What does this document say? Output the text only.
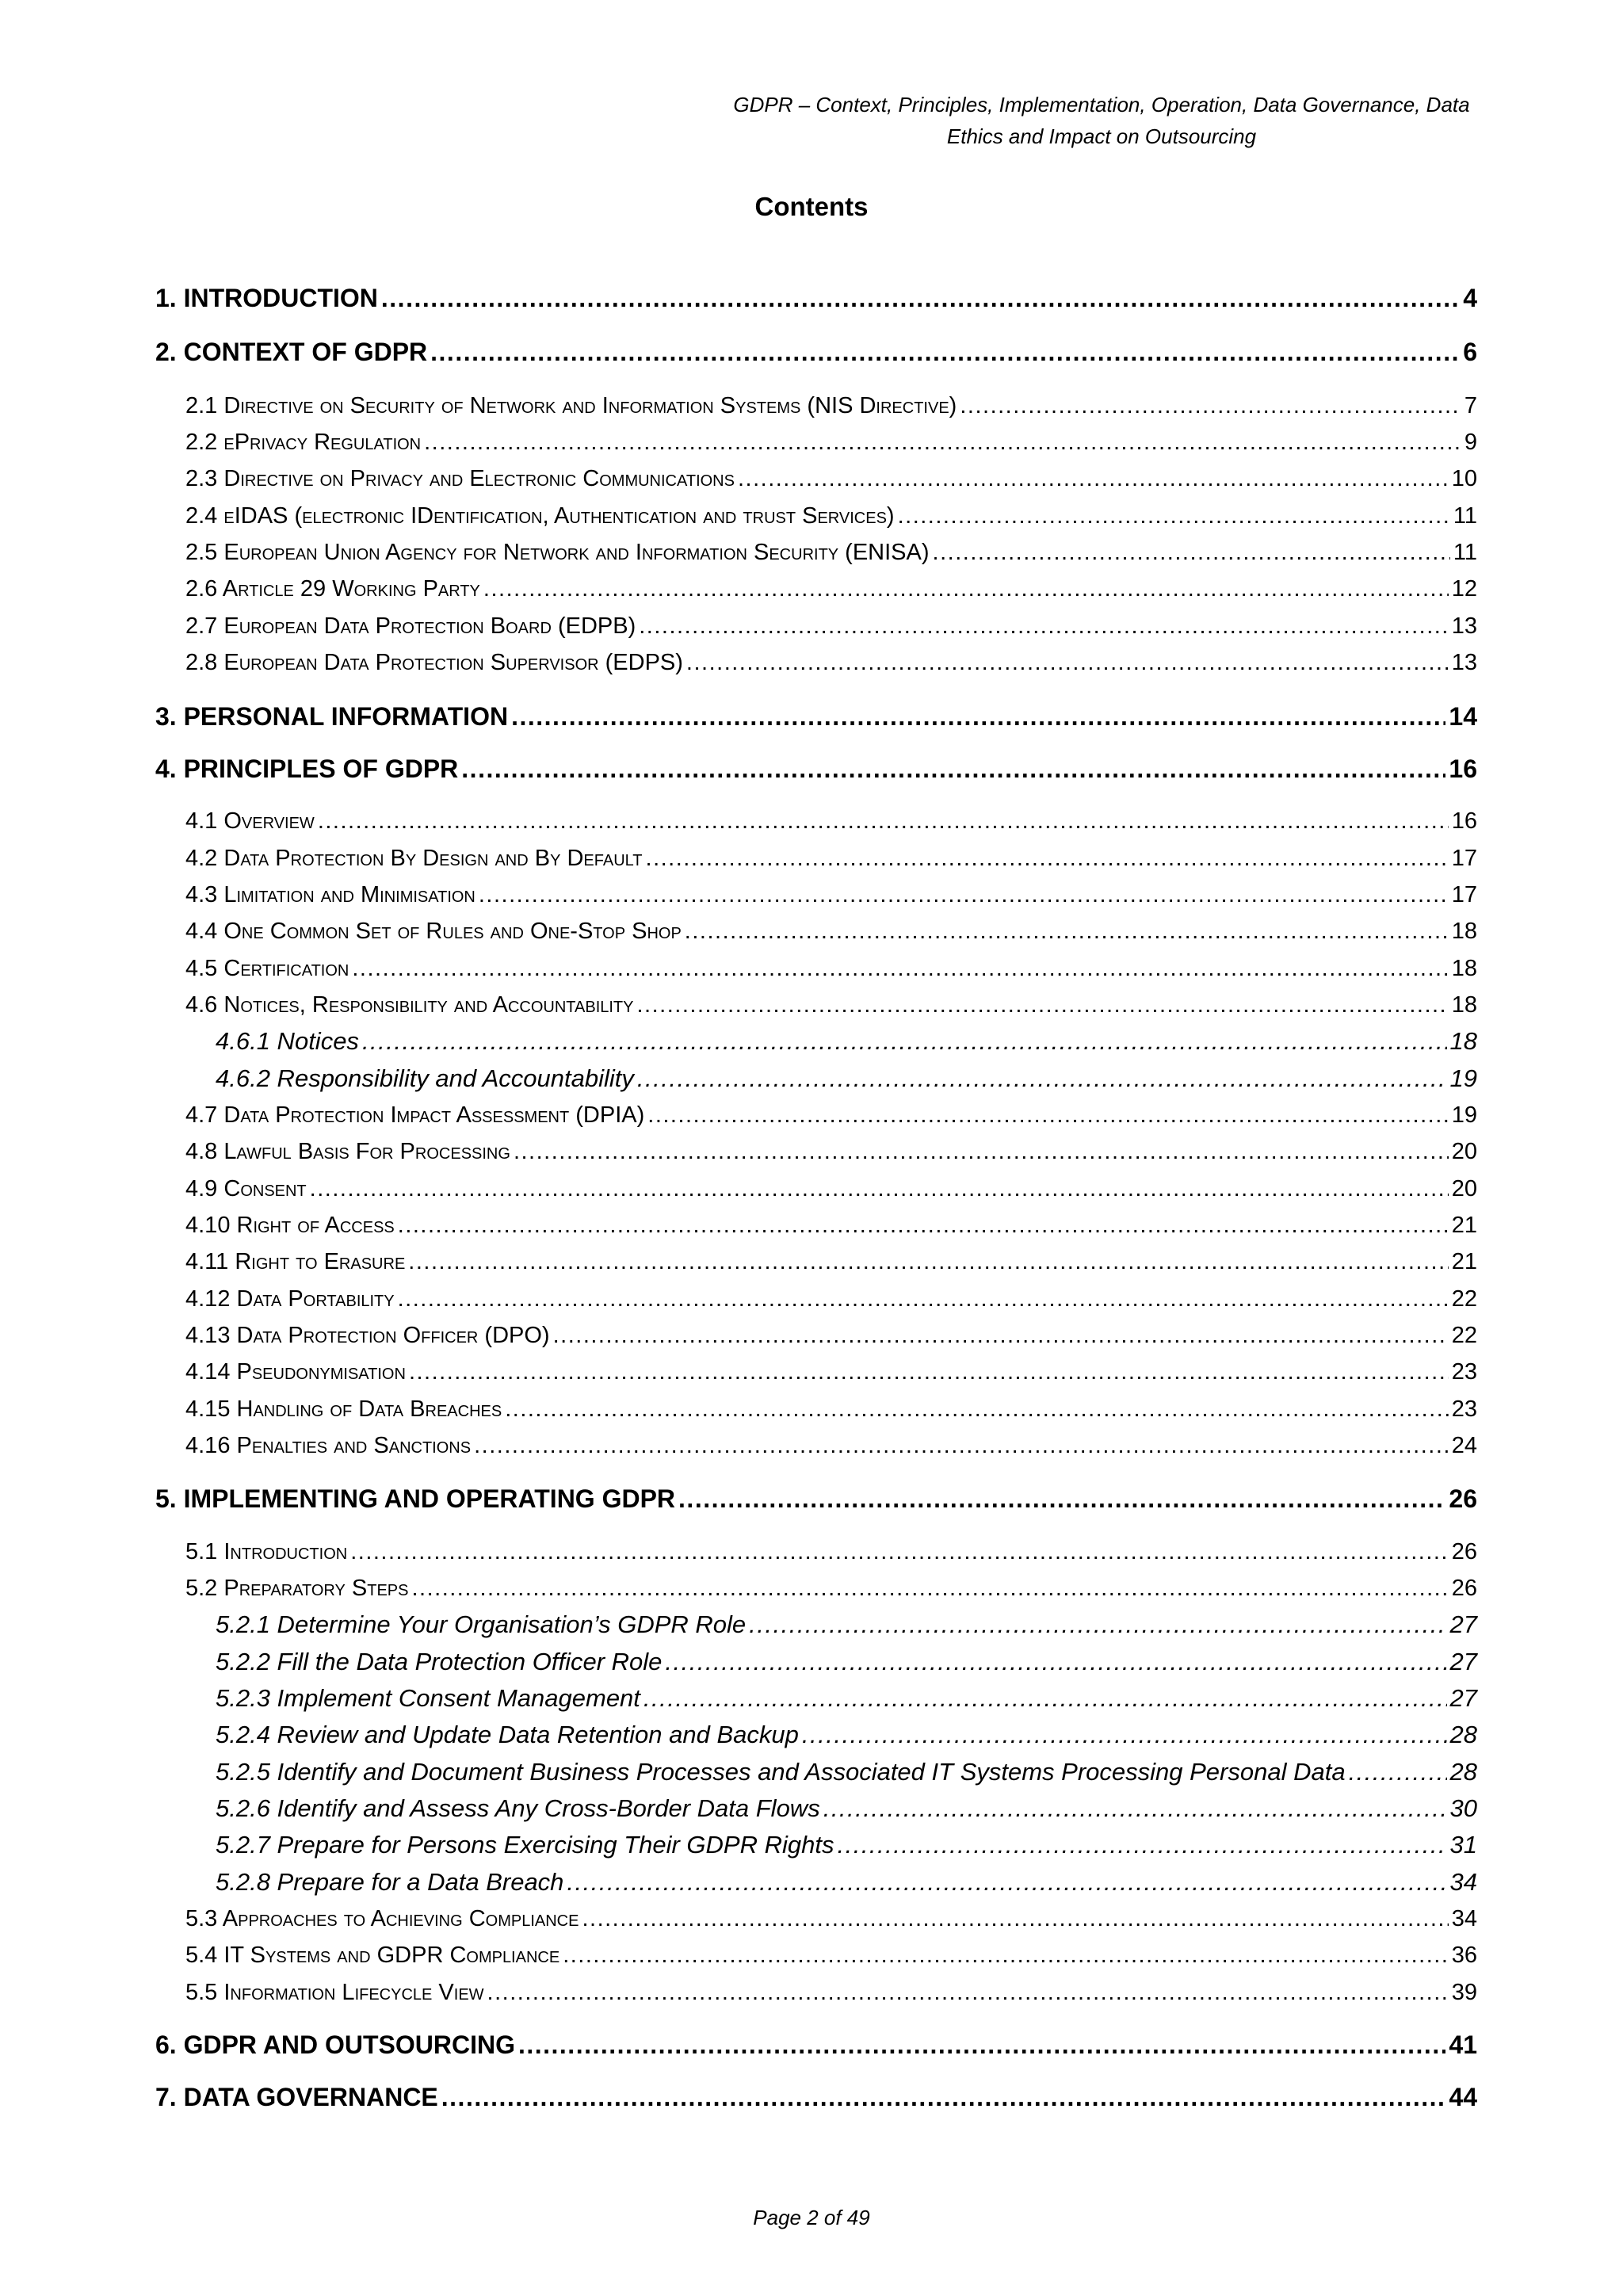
GDPR – Context, Principles, Implementation, Operation, Data Governance, Data
Ethics and Impact on Outsourcing
Contents
1. INTRODUCTION .....	4
2. CONTEXT OF GDPR .....	6
2.1 Directive on Security of Network and Information Systems (NIS Directive) .....	7
2.2 ePrivacy Regulation .....	9
2.3 Directive on Privacy and Electronic Communications .....	10
2.4 eIDAS (electronic IDentification, Authentication and trust Services) .....	11
2.5 European Union Agency for Network and Information Security (ENISA) .....	11
2.6 Article 29 Working Party .....	12
2.7 European Data Protection Board (EDPB) .....	13
2.8 European Data Protection Supervisor (EDPS) .....	13
3. PERSONAL INFORMATION .....	14
4. PRINCIPLES OF GDPR .....	16
4.1 Overview .....	16
4.2 Data Protection By Design and By Default .....	17
4.3 Limitation and Minimisation .....	17
4.4 One Common Set of Rules and One-Stop Shop .....	18
4.5 Certification .....	18
4.6 Notices, Responsibility and Accountability .....	18
4.6.1 Notices .....	18
4.6.2 Responsibility and Accountability .....	19
4.7 Data Protection Impact Assessment (DPIA) .....	19
4.8 Lawful Basis For Processing .....	20
4.9 Consent .....	20
4.10 Right of Access .....	21
4.11 Right to Erasure .....	21
4.12 Data Portability .....	22
4.13 Data Protection Officer (DPO) .....	22
4.14 Pseudonymisation .....	23
4.15 Handling of Data Breaches .....	23
4.16 Penalties and Sanctions .....	24
5. IMPLEMENTING AND OPERATING GDPR .....	26
5.1 Introduction .....	26
5.2 Preparatory Steps .....	26
5.2.1 Determine Your Organisation’s GDPR Role .....	27
5.2.2 Fill the Data Protection Officer Role .....	27
5.2.3 Implement Consent Management .....	27
5.2.4 Review and Update Data Retention and Backup .....	28
5.2.5 Identify and Document Business Processes and Associated IT Systems Processing Personal Data .....	28
5.2.6 Identify and Assess Any Cross-Border Data Flows .....	30
5.2.7 Prepare for Persons Exercising Their GDPR Rights .....	31
5.2.8 Prepare for a Data Breach .....	34
5.3 Approaches to Achieving Compliance .....	34
5.4 IT Systems and GDPR Compliance .....	36
5.5 Information Lifecycle View .....	39
6. GDPR AND OUTSOURCING .....	41
7. DATA GOVERNANCE .....	44
Page 2 of 49
